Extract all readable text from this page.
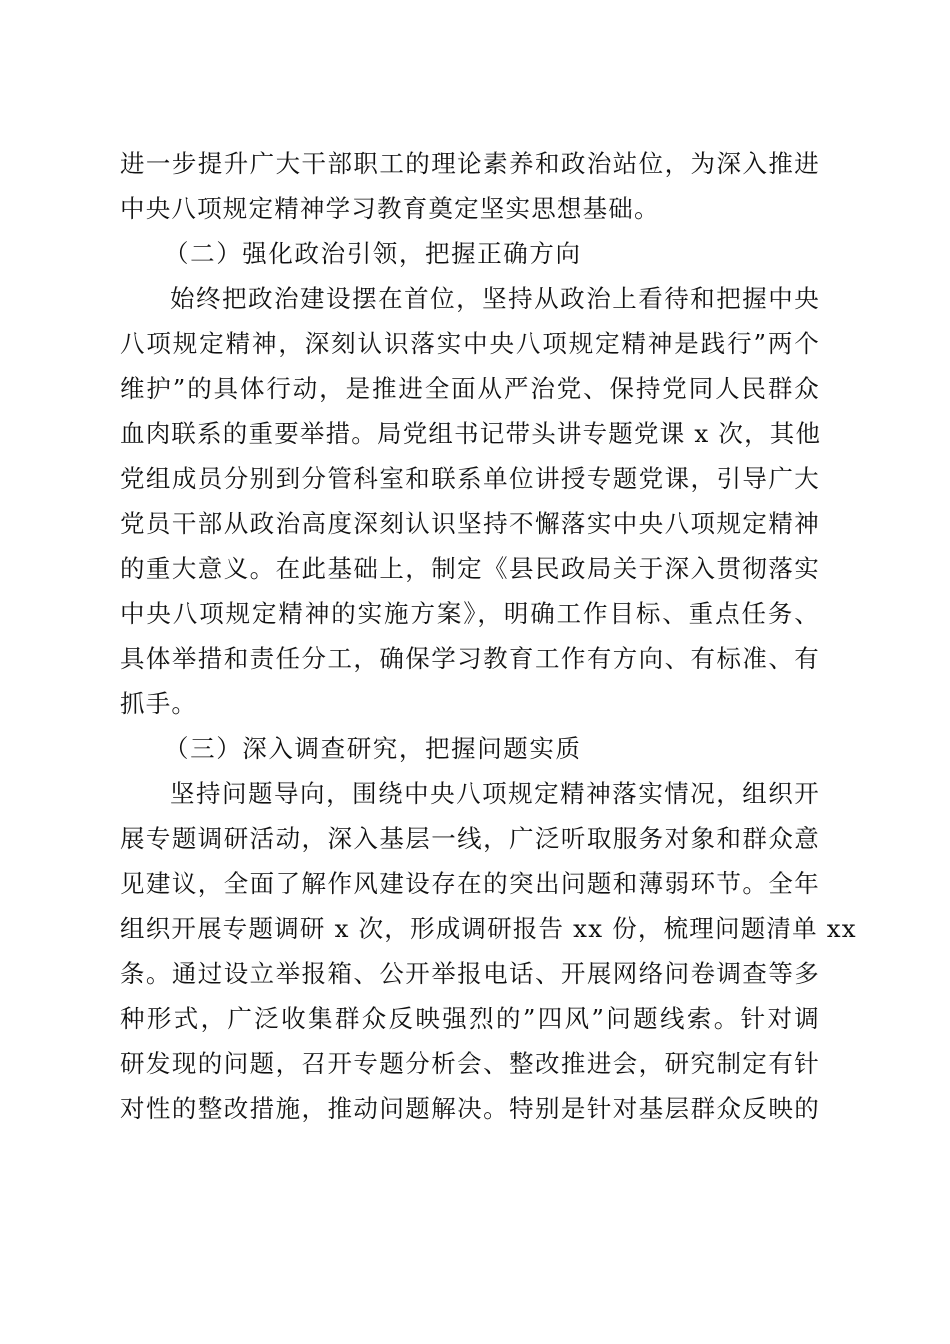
进一步提升广大干部职工的理论素养和政治站位，为深入推进
中央八项规定精神学习教育奠定坚实思想基础。
（二）强化政治引领，把握正确方向
始终把政治建设摆在首位，坚持从政治上看待和把握中央
八项规定精神，深刻认识落实中央八项规定精神是践行”两个
维护”的具体行动，是推进全面从严治党、保持党同人民群众
血肉联系的重要举措。局党组书记带头讲专题党课 x 次，其他
党组成员分别到分管科室和联系单位讲授专题党课，引导广大
党员干部从政治高度深刻认识坚持不懈落实中央八项规定精神
的重大意义。在此基础上，制定《县民政局关于深入贯彻落实
中央八项规定精神的实施方案》，明确工作目标、重点任务、
具体举措和责任分工，确保学习教育工作有方向、有标准、有
抓手。
（三）深入调查研究，把握问题实质
坚持问题导向，围绕中央八项规定精神落实情况，组织开
展专题调研活动，深入基层一线，广泛听取服务对象和群众意
见建议，全面了解作风建设存在的突出问题和薄弱环节。全年
组织开展专题调研 x 次，形成调研报告 xx 份，梳理问题清单 xx
条。通过设立举报箱、公开举报电话、开展网络问卷调查等多
种形式，广泛收集群众反映强烈的”四风”问题线索。针对调
研发现的问题，召开专题分析会、整改推进会，研究制定有针
对性的整改措施，推动问题解决。特别是针对基层群众反映的
